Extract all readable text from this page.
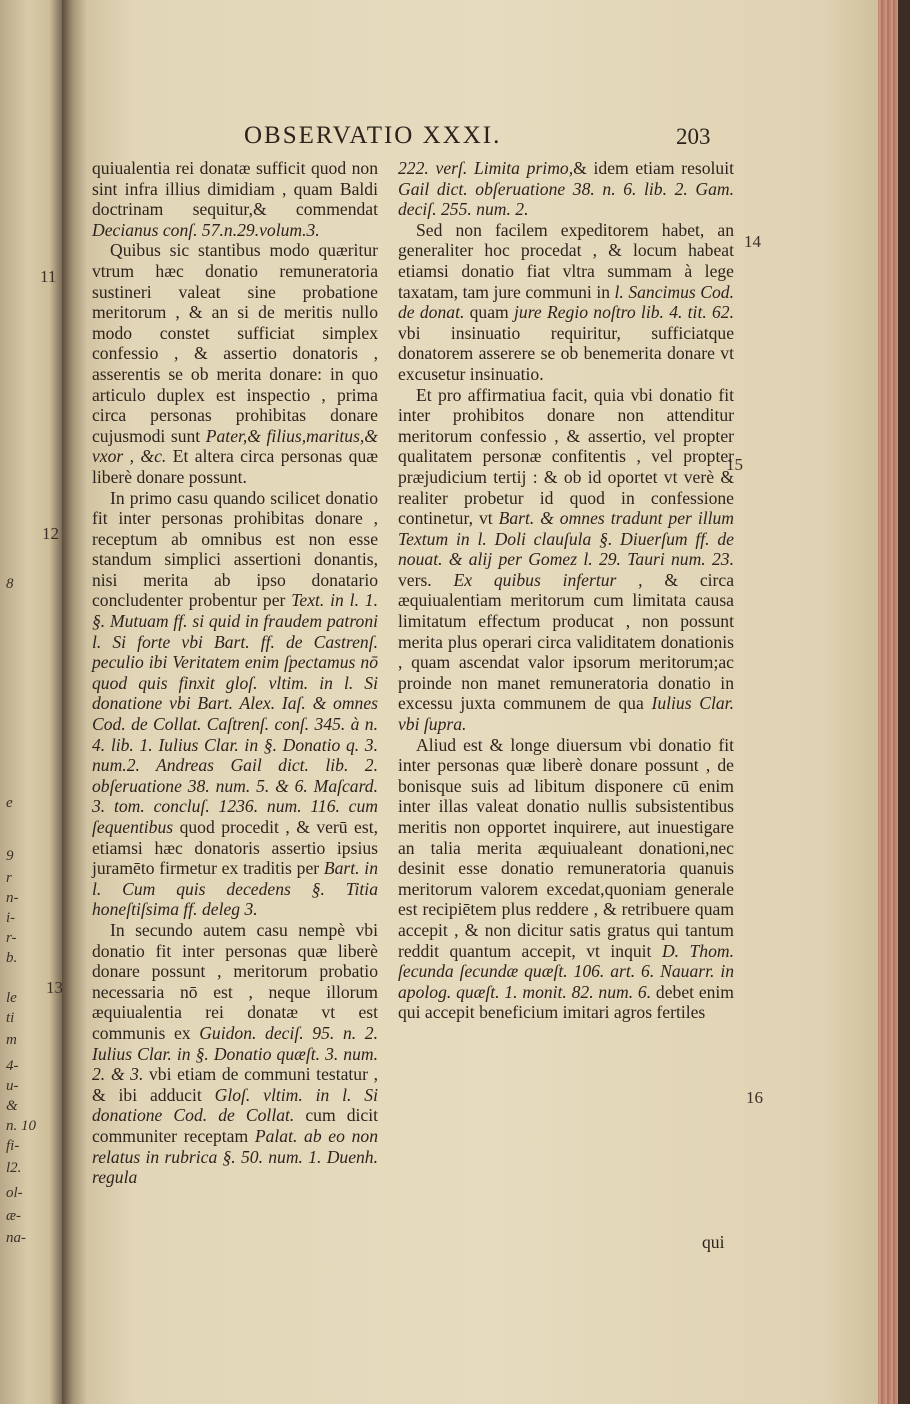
8
e
9
r
n-
i-
r-
b.
le
ti
m
4-
u-
&
n. 10
fi-
l2.
ol-
æ-
na-
OBSERVATIO XXXI.	203
11
12
13
14
15
16

quiualentia rei donatæ sufficit quod non sint infra illius dimidiam , quam Baldi doctrinam sequitur,& commendat Decianus conſ. 57.n.29.volum.3.

Quibus sic stantibus modo quæritur vtrum hæc donatio remuneratoria sustineri valeat sine probatione meritorum , & an si de meritis nullo modo constet sufficiat simplex confessio , & assertio donatoris , asserentis se ob merita donare: in quo articulo duplex est inspectio , prima circa personas prohibitas donare cujusmodi sunt Pater,& filius,maritus,& vxor , &c. Et altera circa personas quæ liberè donare possunt.

In primo casu quando scilicet donatio fit inter personas prohibitas donare , receptum ab omnibus est non esse standum simplici assertioni donantis, nisi merita ab ipso donatario concludenter probentur per Text. in l. 1. §. Mutuam ff. si quid in fraudem patroni l. Si forte vbi Bart. ff. de Castrenſ. peculio ibi Veritatem enim ſpectamus nō quod quis finxit gloſ. vltim. in l. Si donatione vbi Bart. Alex. Iaſ. & omnes Cod. de Collat. Caſtrenſ. conſ. 345. à n. 4. lib. 1. Iulius Clar. in §. Donatio q. 3. num.2. Andreas Gail dict. lib. 2. obſeruatione 38. num. 5. & 6. Maſcard. 3. tom. concluſ. 1236. num. 116. cum ſequentibus quod procedit , & verū est, etiamsi hæc donatoris assertio ipsius juramēto firmetur ex traditis per Bart. in l. Cum quis decedens §. Titia honeſtiſsima ff. deleg 3.

In secundo autem casu nempè vbi donatio fit inter personas quæ liberè donare possunt , meritorum probatio necessaria nō est , neque illorum æquiualentia rei donatæ vt est communis ex Guidon. deciſ. 95. n. 2. Iulius Clar. in §. Donatio quæſt. 3. num. 2. & 3. vbi etiam de communi testatur , & ibi adducit Gloſ. vltim. in l. Si donatione Cod. de Collat. cum dicit communiter receptam Palat. ab eo non relatus in rubrica §. 50. num. 1. Duenh. regula

222. verſ. Limita primo,& idem etiam resoluit Gail dict. obſeruatione 38. n. 6. lib. 2. Gam. deciſ. 255. num. 2.

Sed non facilem expeditorem habet, an generaliter hoc procedat , & locum habeat etiamsi donatio fiat vltra summam à lege taxatam, tam jure communi in l. Sancimus Cod. de donat. quam jure Regio noſtro lib. 4. tit. 62. vbi insinuatio requiritur, sufficiatque donatorem asserere se ob benemerita donare vt excusetur insinuatio.

Et pro affirmatiua facit, quia vbi donatio fit inter prohibitos donare non attenditur meritorum confessio , & assertio, vel propter qualitatem personæ confitentis , vel propter præjudicium tertij : & ob id oportet vt verè & realiter probetur id quod in confessione continetur, vt Bart. & omnes tradunt per illum Textum in l. Doli clauſula §. Diuerſum ff. de nouat. & alij per Gomez l. 29. Tauri num. 23. vers. Ex quibus infertur , & circa æquiualentiam meritorum cum limitata causa limitatum effectum producat , non possunt merita plus operari circa validitatem donationis , quam ascendat valor ipsorum meritorum;ac proinde non manet remuneratoria donatio in excessu juxta communem de qua Iulius Clar. vbi ſupra.

Aliud est & longe diuersum vbi donatio fit inter personas quæ liberè donare possunt , de bonisque suis ad libitum disponere cū enim inter illas valeat donatio nullis subsistentibus meritis non opportet inquirere, aut inuestigare an talia merita æquiualeant donationi,nec desinit esse donatio remuneratoria quanuis meritorum valorem excedat,quoniam generale est recipiētem plus reddere , & retribuere quam accepit , & non dicitur satis gratus qui tantum reddit quantum accepit, vt inquit D. Thom. ſecunda ſecundæ quæſt. 106. art. 6. Nauarr. in apolog. quæſt. 1. monit. 82. num. 6. debet enim qui accepit beneficium imitari agros fertiles

qui
